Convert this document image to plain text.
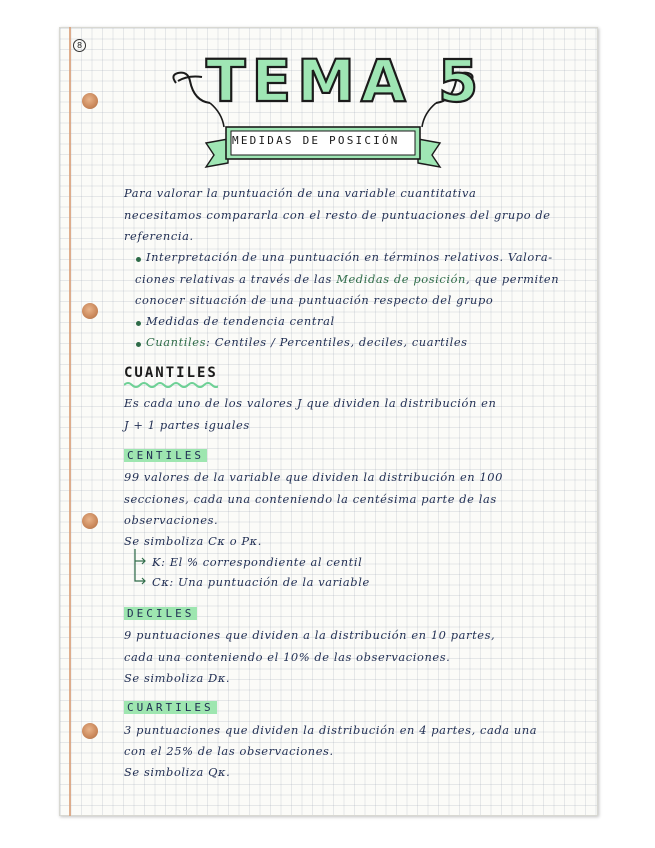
8
TEMA 5
MEDIDAS DE POSICIÓN
Para valorar la puntuación de una variable cuantitativa
necesitamos compararla con el resto de puntuaciones del grupo de
referencia.
Interpretación de una puntuación en términos relativos. Valora-
ciones relativas a través de las Medidas de posición, que permiten
conocer situación de una puntuación respecto del grupo
Medidas de tendencia central
Cuantiles: Centiles / Percentiles, deciles, cuartiles
CUANTILES
Es cada uno de los valores J que dividen la distribución en
J + 1 partes iguales
CENTILES
99 valores de la variable que dividen la distribución en 100
secciones, cada una conteniendo la centésima parte de las
observaciones.
Se simboliza Cκ o Pκ.
K: El % correspondiente al centil
Cκ: Una puntuación de la variable
DECILES
9 puntuaciones que dividen a la distribución en 10 partes,
cada una conteniendo el 10% de las observaciones.
Se simboliza Dκ.
CUARTILES
3 puntuaciones que dividen la distribución en 4 partes, cada una
con el 25% de las observaciones.
Se simboliza Qκ.
